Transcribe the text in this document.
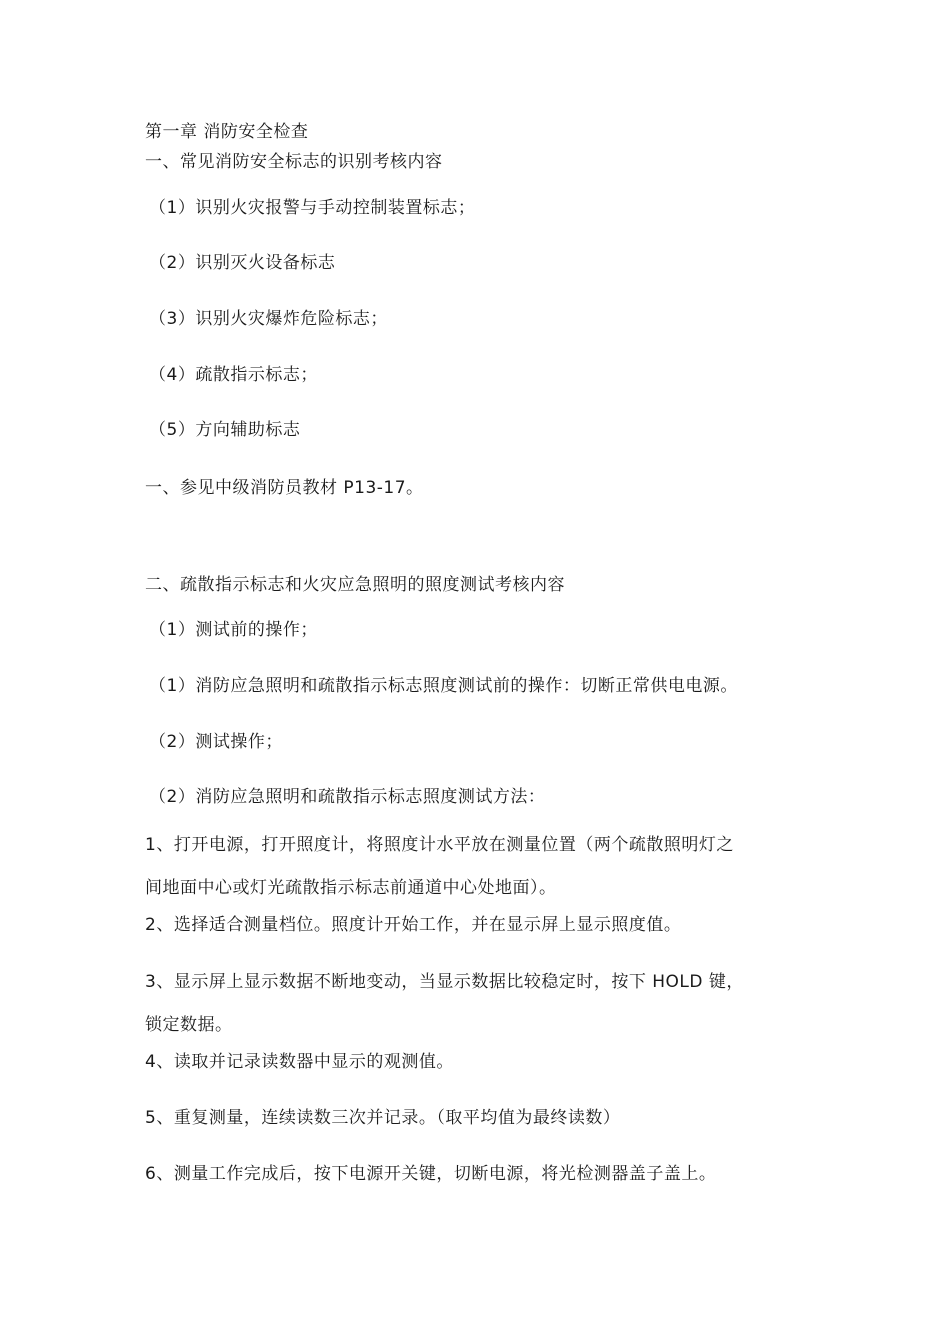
第一章 消防安全检查
一、常见消防安全标志的识别考核内容
（1）识别火灾报警与手动控制装置标志；
（2）识别灭火设备标志
（3）识别火灾爆炸危险标志；
（4）疏散指示标志；
（5）方向辅助标志
一、参见中级消防员教材 P13-17。
二、疏散指示标志和火灾应急照明的照度测试考核内容
（1）测试前的操作；
（1）消防应急照明和疏散指示标志照度测试前的操作：切断正常供电电源。
（2）测试操作；
（2）消防应急照明和疏散指示标志照度测试方法：
1、打开电源，打开照度计，将照度计水平放在测量位置（两个疏散照明灯之
间地面中心或灯光疏散指示标志前通道中心处地面）。
2、选择适合测量档位。照度计开始工作，并在显示屏上显示照度值。
3、显示屏上显示数据不断地变动，当显示数据比较稳定时，按下 HOLD 键，
锁定数据。
4、读取并记录读数器中显示的观测值。
5、重复测量，连续读数三次并记录。（取平均值为最终读数）
6、测量工作完成后，按下电源开关键，切断电源，将光检测器盖子盖上。
